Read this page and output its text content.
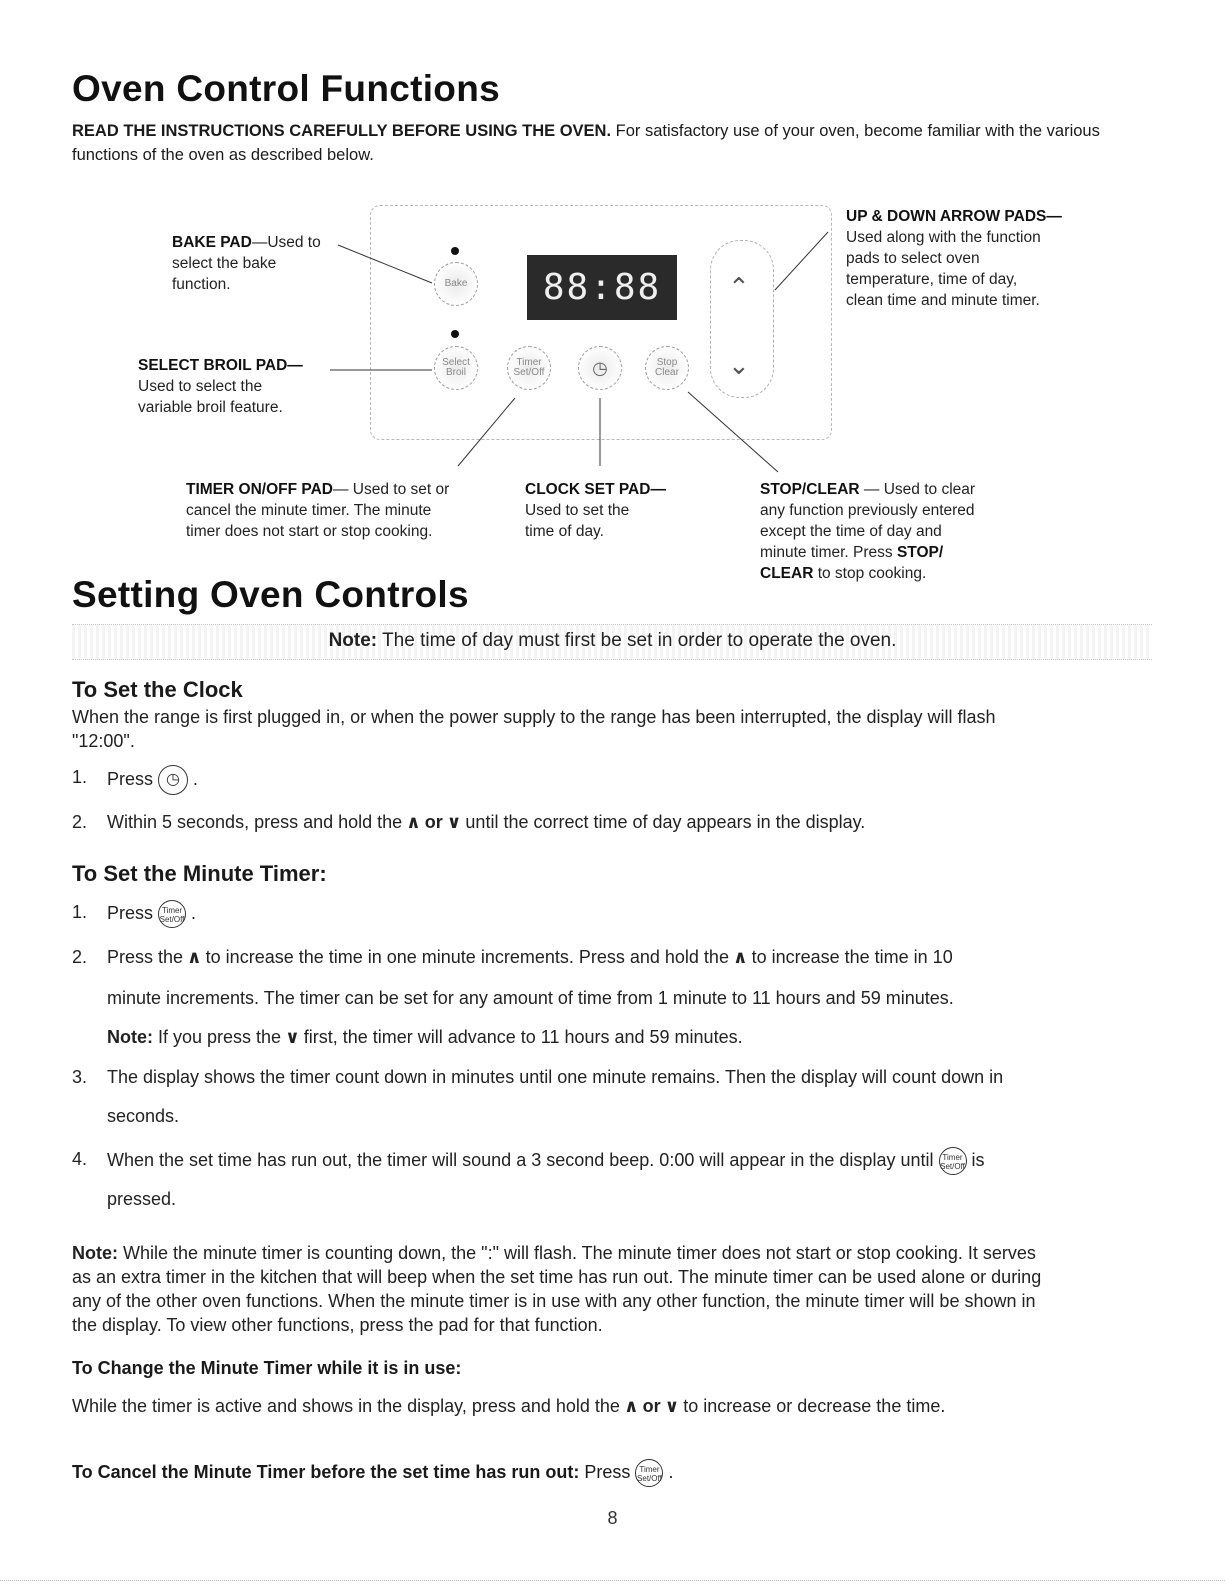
Oven Control Functions
READ THE INSTRUCTIONS CAREFULLY BEFORE USING THE OVEN. For satisfactory use of your oven, become familiar with the various functions of the oven as described below.
88:88
Bake
Select Broil
Timer Set/Off	◷	Stop Clear
⌃
⌄
BAKE PAD—Used to
select the bake
function.
SELECT BROIL PAD—
Used to select the
variable broil feature.
UP & DOWN ARROW PADS—
Used along with the function
pads to select oven
temperature, time of day,
clean time and minute timer.
TIMER ON/OFF PAD— Used to set or
cancel the minute timer. The minute
timer does not start or stop cooking.
CLOCK SET PAD—
Used to set the
time of day.
STOP/CLEAR — Used to clear
any function previously entered
except the time of day and
minute timer. Press STOP/
CLEAR to stop cooking.
Setting Oven Controls
Note: The time of day must first be set in order to operate the oven.
To Set the Clock
When the range is first plugged in, or when the power supply to the range has been interrupted, the display will flash
"12:00".
1. Press ◷ .
2. Within 5 seconds, press and hold the ∧ or ∨ until the correct time of day appears in the display.
To Set the Minute Timer:
1. Press Timer Set/Off .
2. Press the ∧ to increase the time in one minute increments. Press and hold the ∧ to increase the time in 10
minute increments. The timer can be set for any amount of time from 1 minute to 11 hours and 59 minutes.
Note: If you press the ∨ first, the timer will advance to 11 hours and 59 minutes.
3. The display shows the timer count down in minutes until one minute remains. Then the display will count down in
seconds.
4. When the set time has run out, the timer will sound a 3 second beep. 0:00 will appear in the display until Timer Set/Off is
pressed.
Note: While the minute timer is counting down, the ":" will flash. The minute timer does not start or stop cooking. It serves
as an extra timer in the kitchen that will beep when the set time has run out. The minute timer can be used alone or during
any of the other oven functions. When the minute timer is in use with any other function, the minute timer will be shown in
the display. To view other functions, press the pad for that function.
To Change the Minute Timer while it is in use:
While the timer is active and shows in the display, press and hold the ∧ or ∨ to increase or decrease the time.
To Cancel the Minute Timer before the set time has run out: Press Timer Set/Off .
8
